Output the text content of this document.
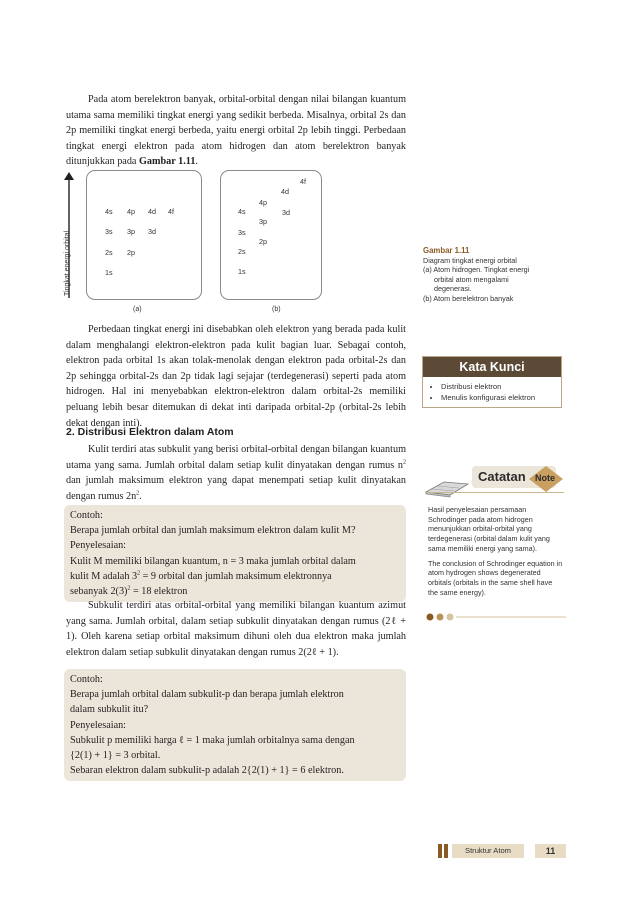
Pada atom berelektron banyak, orbital-orbital dengan nilai bilangan kuantum utama sama memiliki tingkat energi yang sedikit berbeda. Misalnya, orbital 2s dan 2p memiliki tingkat energi berbeda, yaitu energi orbital 2p lebih tinggi. Perbedaan tingkat energi elektron pada atom hidrogen dan atom berelektron banyak ditunjukkan pada Gambar 1.11.
Tingkat energi orbital
4s 4p 4d 4f
3s 3p 3d
2s 2p
1s
(a)
4f
4d
4p
4s	3d
3p
3s
2p
2s
1s
(b)
Gambar 1.11
Diagram tingkat energi orbital
(a) Atom hidrogen. Tingkat energi
orbital atom mengalami
degenerasi.
(b) Atom berelektron banyak
Perbedaan tingkat energi ini disebabkan oleh elektron yang berada pada kulit dalam menghalangi elektron-elektron pada kulit bagian luar. Sebagai contoh, elektron pada orbital 1s akan tolak-menolak dengan elektron pada orbital-2s dan 2p sehingga orbital-2s dan 2p tidak lagi sejajar (terdegenerasi) seperti pada atom hidrogen. Hal ini menyebabkan elektron-elektron dalam orbital-2s memiliki peluang lebih besar ditemukan di dekat inti daripada orbital-2p (orbital-2s lebih dekat dengan inti).
Kata Kunci
• Distribusi elektron
• Menulis konfigurasi elektron
2. Distribusi Elektron dalam Atom
Kulit terdiri atas subkulit yang berisi orbital-orbital dengan bilangan kuantum utama yang sama. Jumlah orbital dalam setiap kulit dinyatakan dengan rumus $n^2$ dan jumlah maksimum elektron yang dapat menempati setiap kulit dinyatakan dengan rumus $2n^2$.
Contoh:
Berapa jumlah orbital dan jumlah maksimum elektron dalam kulit M?
Penyelesaian:
Kulit M memiliki bilangan kuantum, n = 3 maka jumlah orbital dalam
kulit M adalah $3^2 = 9$ orbital dan jumlah maksimum elektronnya
sebanyak $2(3)^2 = 18$ elektron
Subkulit terdiri atas orbital-orbital yang memiliki bilangan kuantum azimut yang sama. Jumlah orbital, dalam setiap subkulit dinyatakan dengan rumus (2ℓ + 1). Oleh karena setiap orbital maksimum dihuni oleh dua elektron maka jumlah elektron dalam setiap subkulit dinyatakan dengan rumus 2(2ℓ + 1).
Contoh:
Berapa jumlah orbital dalam subkulit-p dan berapa jumlah elektron
dalam subkulit itu?
Penyelesaian:
Subkulit p memiliki harga ℓ = 1 maka jumlah orbitalnya sama dengan
{2(1) + 1} = 3 orbital.
Sebaran elektron dalam subkulit-p adalah 2{2(1) + 1} = 6 elektron.
Catatan Note

Hasil penyelesaian persamaan Schrodinger pada atom hidrogen menunjukkan orbital-orbital yang terdegenerasi (orbital dalam kulit yang sama memiliki energi yang sama).

The conclusion of Schrodinger equation in atom hydrogen shows degenerated orbitals (orbitals in the same shell have the same energy).

Struktur Atom	11
